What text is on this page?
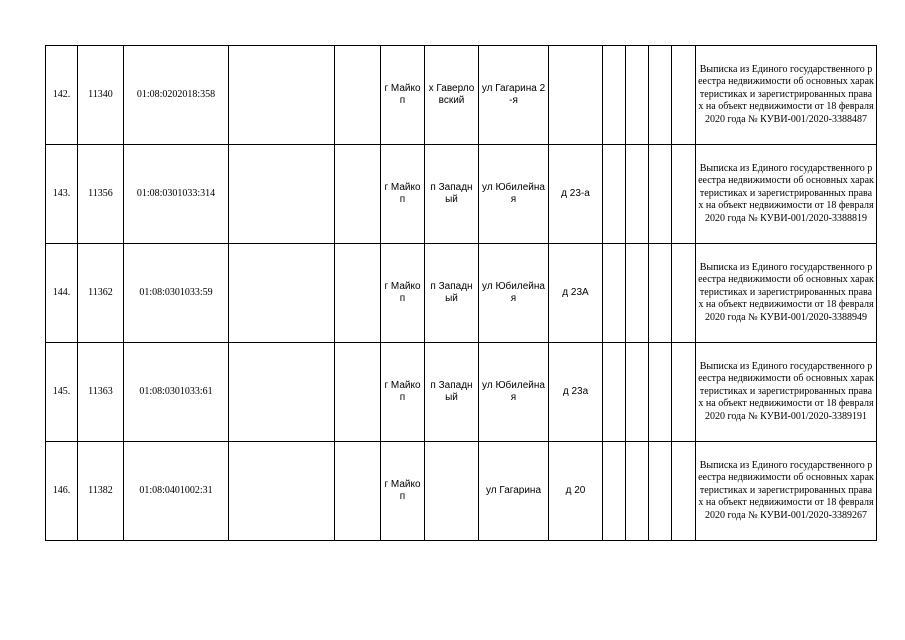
142.	11340	01:08:0202018:358			г Майкоп	х Гаверловский	ул Гагарина 2-я						Выписка из Единого государственного реестра недвижимости об основных характеристиках и зарегистрированных правах на объект недвижимости от 18 февраля 2020 года № КУВИ-001/2020-3388487
143.	11356	01:08:0301033:314			г Майкоп	п Западный	ул Юбилейная	д 23-а					Выписка из Единого государственного реестра недвижимости об основных характеристиках и зарегистрированных правах на объект недвижимости от 18 февраля 2020 года № КУВИ-001/2020-3388819
144.	11362	01:08:0301033:59			г Майкоп	п Западный	ул Юбилейная	д 23А					Выписка из Единого государственного реестра недвижимости об основных характеристиках и зарегистрированных правах на объект недвижимости от 18 февраля 2020 года № КУВИ-001/2020-3388949
145.	11363	01:08:0301033:61			г Майкоп	п Западный	ул Юбилейная	д 23а					Выписка из Единого государственного реестра недвижимости об основных характеристиках и зарегистрированных правах на объект недвижимости от 18 февраля 2020 года № КУВИ-001/2020-3389191
146.	11382	01:08:0401002:31			г Майкоп		ул Гагарина	д 20					Выписка из Единого государственного реестра недвижимости об основных характеристиках и зарегистрированных правах на объект недвижимости от 18 февраля 2020 года № КУВИ-001/2020-3389267
